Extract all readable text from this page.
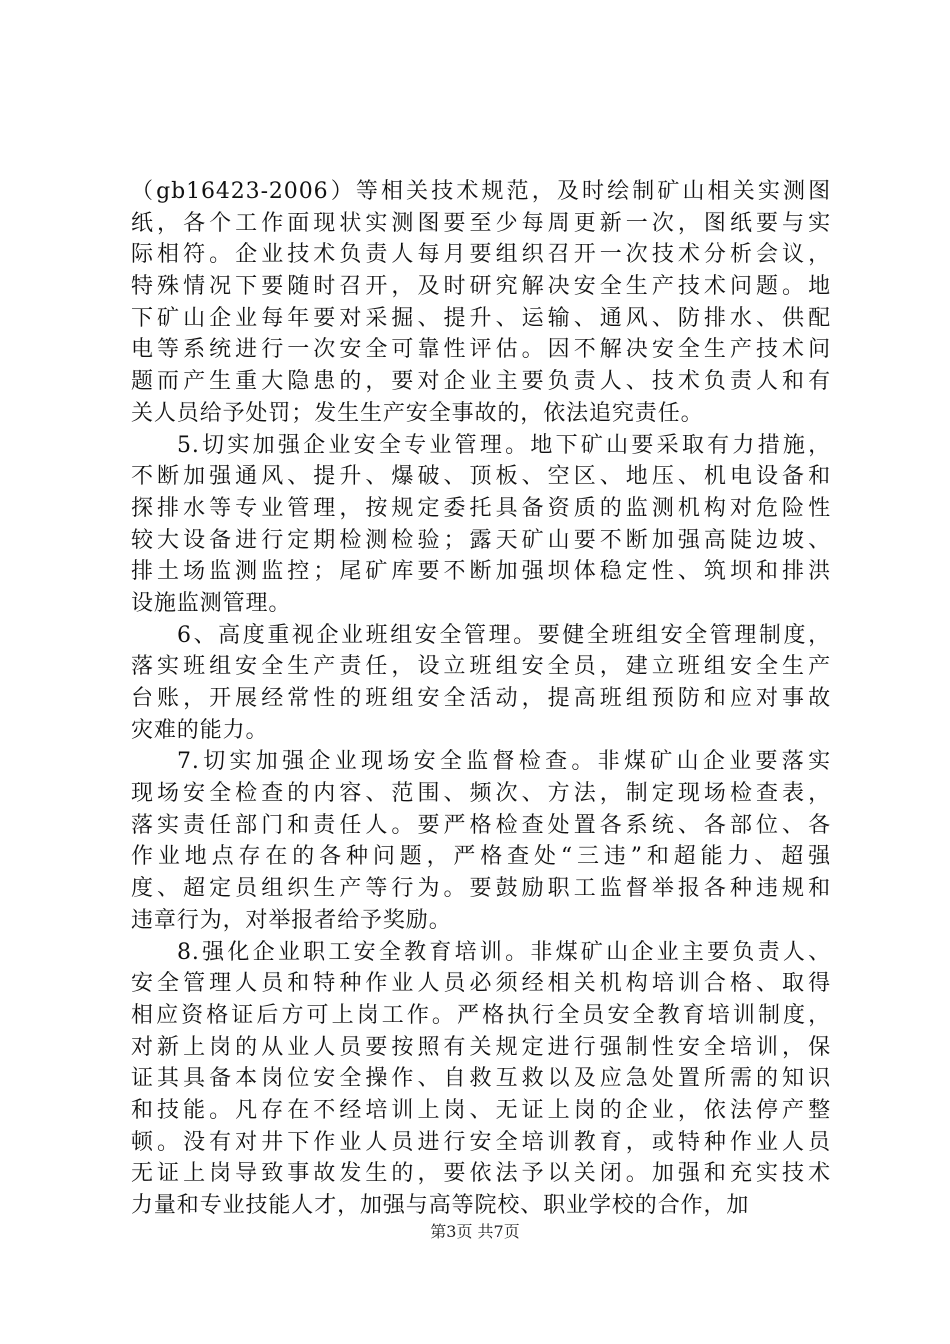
（gb16423-2006）等相关技术规范，及时绘制矿山相关实测图
纸，各个工作面现状实测图要至少每周更新一次，图纸要与实
际相符。企业技术负责人每月要组织召开一次技术分析会议，
特殊情况下要随时召开，及时研究解决安全生产技术问题。地
下矿山企业每年要对采掘、提升、运输、通风、防排水、供配
电等系统进行一次安全可靠性评估。因不解决安全生产技术问
题而产生重大隐患的，要对企业主要负责人、技术负责人和有
关人员给予处罚；发生生产安全事故的，依法追究责任。
5.切实加强企业安全专业管理。地下矿山要采取有力措施，
不断加强通风、提升、爆破、顶板、空区、地压、机电设备和
探排水等专业管理，按规定委托具备资质的监测机构对危险性
较大设备进行定期检测检验；露天矿山要不断加强高陡边坡、
排土场监测监控；尾矿库要不断加强坝体稳定性、筑坝和排洪
设施监测管理。
6、高度重视企业班组安全管理。要健全班组安全管理制度，
落实班组安全生产责任，设立班组安全员，建立班组安全生产
台账，开展经常性的班组安全活动，提高班组预防和应对事故
灾难的能力。
7.切实加强企业现场安全监督检查。非煤矿山企业要落实
现场安全检查的内容、范围、频次、方法，制定现场检查表，
落实责任部门和责任人。要严格检查处置各系统、各部位、各
作业地点存在的各种问题，严格查处“三违”和超能力、超强
度、超定员组织生产等行为。要鼓励职工监督举报各种违规和
违章行为，对举报者给予奖励。
8.强化企业职工安全教育培训。非煤矿山企业主要负责人、
安全管理人员和特种作业人员必须经相关机构培训合格、取得
相应资格证后方可上岗工作。严格执行全员安全教育培训制度，
对新上岗的从业人员要按照有关规定进行强制性安全培训，保
证其具备本岗位安全操作、自救互救以及应急处置所需的知识
和技能。凡存在不经培训上岗、无证上岗的企业，依法停产整
顿。没有对井下作业人员进行安全培训教育，或特种作业人员
无证上岗导致事故发生的，要依法予以关闭。加强和充实技术
力量和专业技能人才，加强与高等院校、职业学校的合作，加
第3页 共7页
